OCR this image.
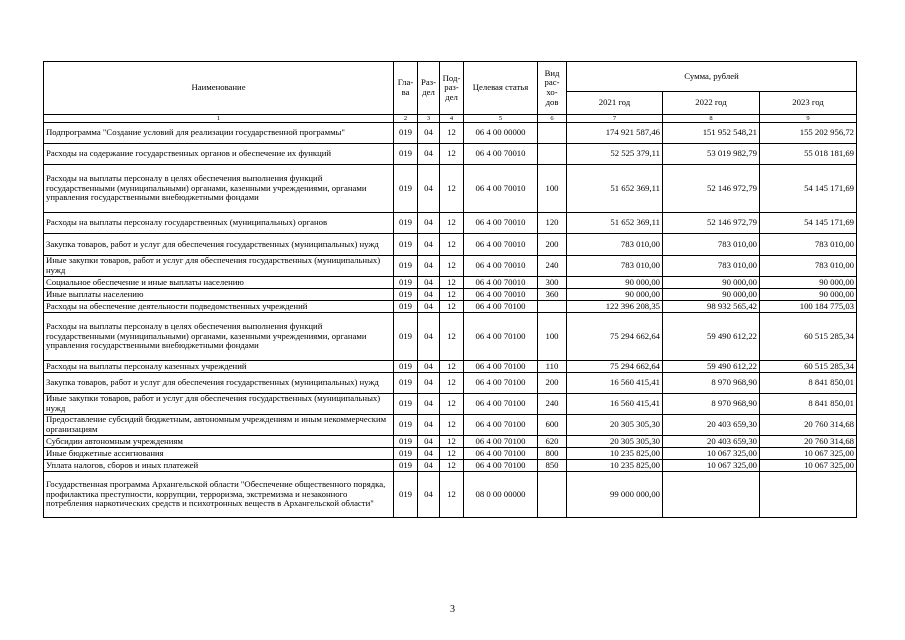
Наименование	Гла-ва	Раз-дел	Под-раз-дел	Целевая статья	Вид рас-хо-дов	Сумма, рублей		
						2021 год	2022 год	2023 год
1	2	3	4	5	6	7	8	9
Подпрограмма "Создание условий для реализации государственной программы"	019	04	12	06 4 00 00000		174 921 587,46	151 952 548,21	155 202 956,72
Расходы на содержание государственных органов и обеспечение их функций	019	04	12	06 4 00 70010		52 525 379,11	53 019 982,79	55 018 181,69
Расходы на выплаты персоналу в целях обеспечения выполнения функций государственными (муниципальными) органами, казенными учреждениями, органами управления государственными внебюджетными фондами	019	04	12	06 4 00 70010	100	51 652 369,11	52 146 972,79	54 145 171,69
Расходы на выплаты персоналу государственных (муниципальных) органов	019	04	12	06 4 00 70010	120	51 652 369,11	52 146 972,79	54 145 171,69
Закупка товаров, работ и услуг для обеспечения государственных (муниципальных) нужд	019	04	12	06 4 00 70010	200	783 010,00	783 010,00	783 010,00
Иные закупки товаров, работ и услуг для обеспечения государственных (муниципальных) нужд	019	04	12	06 4 00 70010	240	783 010,00	783 010,00	783 010,00
Социальное обеспечение и иные выплаты населению	019	04	12	06 4 00 70010	300	90 000,00	90 000,00	90 000,00
Иные выплаты населению	019	04	12	06 4 00 70010	360	90 000,00	90 000,00	90 000,00
Расходы на обеспечение деятельности подведомственных учреждений	019	04	12	06 4 00 70100		122 396 208,35	98 932 565,42	100 184 775,03
Расходы на выплаты персоналу в целях обеспечения выполнения функций государственными (муниципальными) органами, казенными учреждениями, органами управления государственными внебюджетными фондами	019	04	12	06 4 00 70100	100	75 294 662,64	59 490 612,22	60 515 285,34
Расходы на выплаты персоналу казенных учреждений	019	04	12	06 4 00 70100	110	75 294 662,64	59 490 612,22	60 515 285,34
Закупка товаров, работ и услуг для обеспечения государственных (муниципальных) нужд	019	04	12	06 4 00 70100	200	16 560 415,41	8 970 968,90	8 841 850,01
Иные закупки товаров, работ и услуг для обеспечения государственных (муниципальных) нужд	019	04	12	06 4 00 70100	240	16 560 415,41	8 970 968,90	8 841 850,01
Предоставление субсидий бюджетным, автономным учреждениям и иным некоммерческим организациям	019	04	12	06 4 00 70100	600	20 305 305,30	20 403 659,30	20 760 314,68
Субсидии автономным учреждениям	019	04	12	06 4 00 70100	620	20 305 305,30	20 403 659,30	20 760 314,68
Иные бюджетные ассигнования	019	04	12	06 4 00 70100	800	10 235 825,00	10 067 325,00	10 067 325,00
Уплата налогов, сборов и иных платежей	019	04	12	06 4 00 70100	850	10 235 825,00	10 067 325,00	10 067 325,00
Государственная программа Архангельской области "Обеспечение общественного порядка, профилактика преступности, коррупции, терроризма, экстремизма и незаконного потребления наркотических средств и психотронных веществ в Архангельской области"	019	04	12	08 0 00 00000		99 000 000,00		
3
